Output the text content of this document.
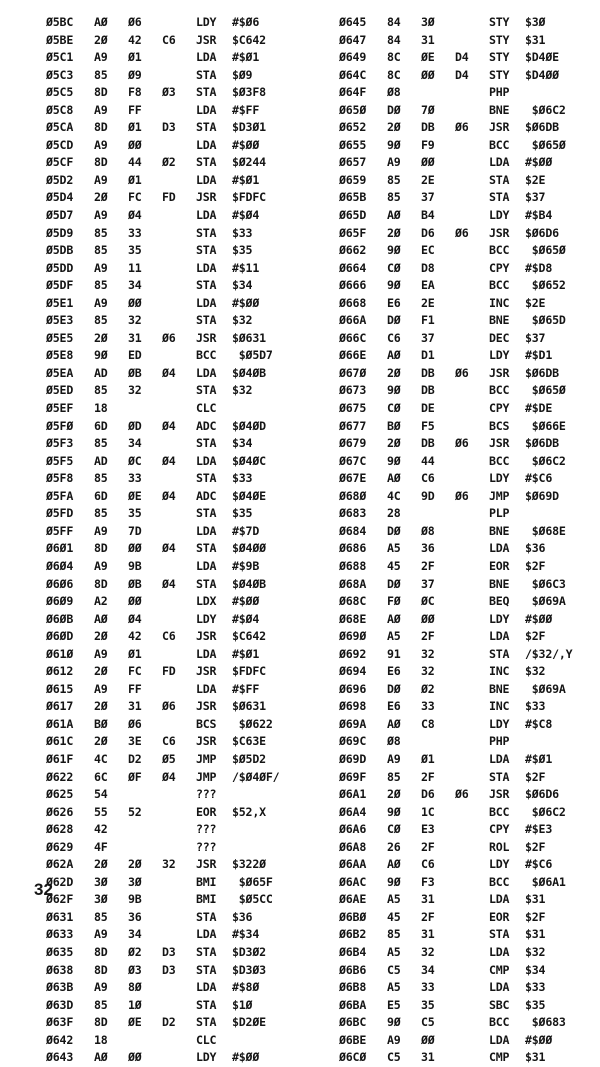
Ø5BC	AØ	Ø6	LDY	#$Ø6
Ø5BE	2Ø	42	C6	JSR	$C642
Ø5C1	A9	Ø1	LDA	#$Ø1
Ø5C3	85	Ø9	STA	$Ø9
Ø5C5	8D	F8	Ø3	STA	$Ø3F8
Ø5C8	A9	FF	LDA	#$FF
Ø5CA	8D	Ø1	D3	STA	$D3Ø1
Ø5CD	A9	ØØ	LDA	#$ØØ
Ø5CF	8D	44	Ø2	STA	$Ø244
Ø5D2	A9	Ø1	LDA	#$Ø1
Ø5D4	2Ø	FC	FD	JSR	$FDFC
Ø5D7	A9	Ø4	LDA	#$Ø4
Ø5D9	85	33	STA	$33
Ø5DB	85	35	STA	$35
Ø5DD	A9	11	LDA	#$11
Ø5DF	85	34	STA	$34
Ø5E1	A9	ØØ	LDA	#$ØØ
Ø5E3	85	32	STA	$32
Ø5E5	2Ø	31	Ø6	JSR	$Ø631
Ø5E8	9Ø	ED	BCC	$Ø5D7
Ø5EA	AD	ØB	Ø4	LDA	$Ø4ØB
Ø5ED	85	32	STA	$32
Ø5EF	18	CLC
Ø5FØ	6D	ØD	Ø4	ADC	$Ø4ØD
Ø5F3	85	34	STA	$34
Ø5F5	AD	ØC	Ø4	LDA	$Ø4ØC
Ø5F8	85	33	STA	$33
Ø5FA	6D	ØE	Ø4	ADC	$Ø4ØE
Ø5FD	85	35	STA	$35
Ø5FF	A9	7D	LDA	#$7D
Ø6Ø1	8D	ØØ	Ø4	STA	$Ø4ØØ
Ø6Ø4	A9	9B	LDA	#$9B
Ø6Ø6	8D	ØB	Ø4	STA	$Ø4ØB
Ø6Ø9	A2	ØØ	LDX	#$ØØ
Ø6ØB	AØ	Ø4	LDY	#$Ø4
Ø6ØD	2Ø	42	C6	JSR	$C642
Ø61Ø	A9	Ø1	LDA	#$Ø1
Ø612	2Ø	FC	FD	JSR	$FDFC
Ø615	A9	FF	LDA	#$FF
Ø617	2Ø	31	Ø6	JSR	$Ø631
Ø61A	BØ	Ø6	BCS	$Ø622
Ø61C	2Ø	3E	C6	JSR	$C63E
Ø61F	4C	D2	Ø5	JMP	$Ø5D2
Ø622	6C	ØF	Ø4	JMP	/$Ø4ØF/
Ø625	54	???
Ø626	55	52	EOR	$52,X
Ø628	42	???
Ø629	4F	???
Ø62A	2Ø	2Ø	32	JSR	$322Ø
Ø62D	3Ø	3Ø	BMI	$Ø65F
Ø62F	3Ø	9B	BMI	$Ø5CC
Ø631	85	36	STA	$36
Ø633	A9	34	LDA	#$34
Ø635	8D	Ø2	D3	STA	$D3Ø2
Ø638	8D	Ø3	D3	STA	$D3Ø3
Ø63B	A9	8Ø	LDA	#$8Ø
Ø63D	85	1Ø	STA	$1Ø
Ø63F	8D	ØE	D2	STA	$D2ØE
Ø642	18	CLC
Ø643	AØ	ØØ	LDY	#$ØØ
Ø645	84	3Ø	STY	$3Ø
Ø647	84	31	STY	$31
Ø649	8C	ØE	D4	STY	$D4ØE
Ø64C	8C	ØØ	D4	STY	$D4ØØ
Ø64F	Ø8	PHP
Ø65Ø	DØ	7Ø	BNE	$Ø6C2
Ø652	2Ø	DB	Ø6	JSR	$Ø6DB
Ø655	9Ø	F9	BCC	$Ø65Ø
Ø657	A9	ØØ	LDA	#$ØØ
Ø659	85	2E	STA	$2E
Ø65B	85	37	STA	$37
Ø65D	AØ	B4	LDY	#$B4
Ø65F	2Ø	D6	Ø6	JSR	$Ø6D6
Ø662	9Ø	EC	BCC	$Ø65Ø
Ø664	CØ	D8	CPY	#$D8
Ø666	9Ø	EA	BCC	$Ø652
Ø668	E6	2E	INC	$2E
Ø66A	DØ	F1	BNE	$Ø65D
Ø66C	C6	37	DEC	$37
Ø66E	AØ	D1	LDY	#$D1
Ø67Ø	2Ø	DB	Ø6	JSR	$Ø6DB
Ø673	9Ø	DB	BCC	$Ø65Ø
Ø675	CØ	DE	CPY	#$DE
Ø677	BØ	F5	BCS	$Ø66E
Ø679	2Ø	DB	Ø6	JSR	$Ø6DB
Ø67C	9Ø	44	BCC	$Ø6C2
Ø67E	AØ	C6	LDY	#$C6
Ø68Ø	4C	9D	Ø6	JMP	$Ø69D
Ø683	28	PLP
Ø684	DØ	Ø8	BNE	$Ø68E
Ø686	A5	36	LDA	$36
Ø688	45	2F	EOR	$2F
Ø68A	DØ	37	BNE	$Ø6C3
Ø68C	FØ	ØC	BEQ	$Ø69A
Ø68E	AØ	ØØ	LDY	#$ØØ
Ø69Ø	A5	2F	LDA	$2F
Ø692	91	32	STA	/$32/,Y
Ø694	E6	32	INC	$32
Ø696	DØ	Ø2	BNE	$Ø69A
Ø698	E6	33	INC	$33
Ø69A	AØ	C8	LDY	#$C8
Ø69C	Ø8	PHP
Ø69D	A9	Ø1	LDA	#$Ø1
Ø69F	85	2F	STA	$2F
Ø6A1	2Ø	D6	Ø6	JSR	$Ø6D6
Ø6A4	9Ø	1C	BCC	$Ø6C2
Ø6A6	CØ	E3	CPY	#$E3
Ø6A8	26	2F	ROL	$2F
Ø6AA	AØ	C6	LDY	#$C6
Ø6AC	9Ø	F3	BCC	$Ø6A1
Ø6AE	A5	31	LDA	$31
Ø6BØ	45	2F	EOR	$2F
Ø6B2	85	31	STA	$31
Ø6B4	A5	32	LDA	$32
Ø6B6	C5	34	CMP	$34
Ø6B8	A5	33	LDA	$33
Ø6BA	E5	35	SBC	$35
Ø6BC	9Ø	C5	BCC	$Ø683
Ø6BE	A9	ØØ	LDA	#$ØØ
Ø6CØ	C5	31	CMP	$31
32
